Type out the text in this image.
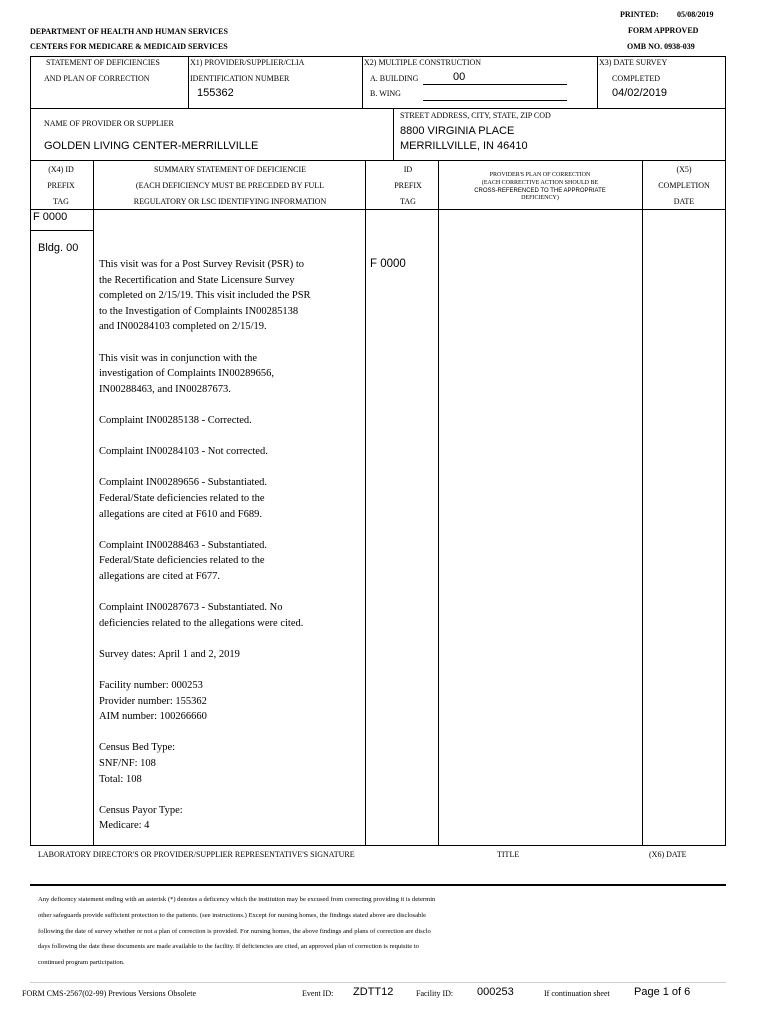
PRINTED: 05/08/2019
FORM APPROVED
OMB NO. 0938-039
DEPARTMENT OF HEALTH AND HUMAN SERVICES
CENTERS FOR MEDICARE & MEDICAID SERVICES
STATEMENT OF DEFICIENCIES
AND PLAN OF CORRECTION
X1) PROVIDER/SUPPLIER/CLIA
IDENTIFICATION NUMBER
155362
X2) MULTIPLE CONSTRUCTION
A. BUILDING	00
B. WING
X3) DATE SURVEY
COMPLETED
04/02/2019
NAME OF PROVIDER OR SUPPLIER
GOLDEN LIVING CENTER-MERRILLVILLE
STREET ADDRESS, CITY, STATE, ZIP COD
8800 VIRGINIA PLACE
MERRILLVILLE, IN 46410
(X4) ID
PREFIX
TAG
SUMMARY STATEMENT OF DEFICIENCIE
(EACH DEFICIENCY MUST BE PRECEDED BY FULL
REGULATORY OR LSC IDENTIFYING INFORMATION
ID
PREFIX
TAG
PROVIDER'S PLAN OF CORRECTION
(EACH CORRECTIVE ACTION SHOULD BE
CROSS-REFERENCED TO THE APPROPRIATE
DEFICIENCY)
(X5)
COMPLETION
DATE
F 0000
Bldg. 00
F 0000

This visit was for a Post Survey Revisit (PSR) to
the Recertification and State Licensure Survey
completed on 2/15/19. This visit included the PSR
to the Investigation of Complaints IN00285138
and IN00284103 completed on 2/15/19.

This visit was in conjunction with the
investigation of Complaints IN00289656,
IN00288463, and IN00287673.

Complaint IN00285138 - Corrected.

Complaint IN00284103 - Not corrected.

Complaint IN00289656 - Substantiated.
Federal/State deficiencies related to the
allegations are cited at F610 and F689.

Complaint IN00288463 - Substantiated.
Federal/State deficiencies related to the
allegations are cited at F677.

Complaint IN00287673 - Substantiated. No
deficiencies related to the allegations were cited.

Survey dates: April 1 and 2, 2019

Facility number: 000253
Provider number: 155362
AIM number: 100266660

Census Bed Type:
SNF/NF: 108
Total: 108

Census Payor Type:
Medicare: 4

LABORATORY DIRECTOR'S OR PROVIDER/SUPPLIER REPRESENTATIVE'S SIGNATURE	TITLE	(X6) DATE
Any deficency statement ending with an asterisk (*) denotes a deficency which the institution may be excused from correcting providing it is determin
other safeguards provide sufficient protection to the patients. (see instructions.) Except for nursing homes, the findings stated above are disclosable
following the date of survey whether or not a plan of correction is provided. For nursing homes, the above findings and plans of correction are disclo
days following the date these documents are made available to the facility. If deficiencies are cited, an approved plan of correction is requisite to
continued program participation.
FORM CMS-2567(02-99) Previous Versions Obsolete	Event ID: ZDTT12	Facility ID: 000253	If continuation sheet Page 1 of 6
